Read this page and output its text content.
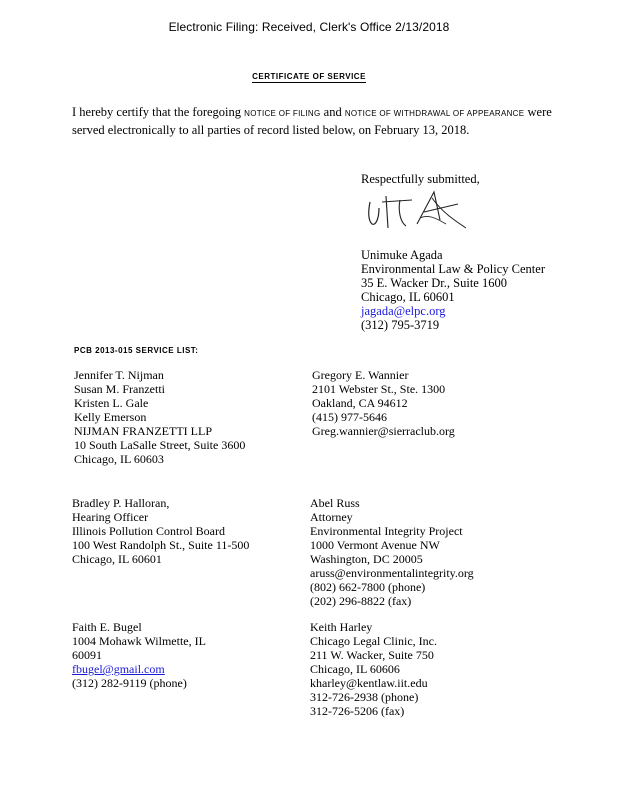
Electronic Filing: Received, Clerk's Office 2/13/2018
CERTIFICATE OF SERVICE
I hereby certify that the foregoing NOTICE OF FILING and NOTICE OF WITHDRAWAL OF APPEARANCE were served electronically to all parties of record listed below, on February 13, 2018.
Respectfully submitted,
Unimuke Agada
Environmental Law & Policy Center
35 E. Wacker Dr., Suite 1600
Chicago, IL 60601
jagada@elpc.org
(312) 795-3719
PCB 2013-015 SERVICE LIST:
Jennifer T. Nijman
Susan M. Franzetti
Kristen L. Gale
Kelly Emerson
NIJMAN FRANZETTI LLP
10 South LaSalle Street, Suite 3600
Chicago, IL 60603
Gregory E. Wannier
2101 Webster St., Ste. 1300
Oakland, CA 94612
(415) 977-5646
Greg.wannier@sierraclub.org
Bradley P. Halloran,
Hearing Officer
Illinois Pollution Control Board
100 West Randolph St., Suite 11-500
Chicago, IL 60601
Abel Russ
Attorney
Environmental Integrity Project
1000 Vermont Avenue NW
Washington, DC 20005
aruss@environmentalintegrity.org
(802) 662-7800 (phone)
(202) 296-8822 (fax)
Faith E. Bugel
1004 Mohawk Wilmette, IL
60091
fbugel@gmail.com
(312) 282-9119 (phone)
Keith Harley
Chicago Legal Clinic, Inc.
211 W. Wacker, Suite 750
Chicago, IL 60606
kharley@kentlaw.iit.edu
312-726-2938 (phone)
312-726-5206 (fax)
